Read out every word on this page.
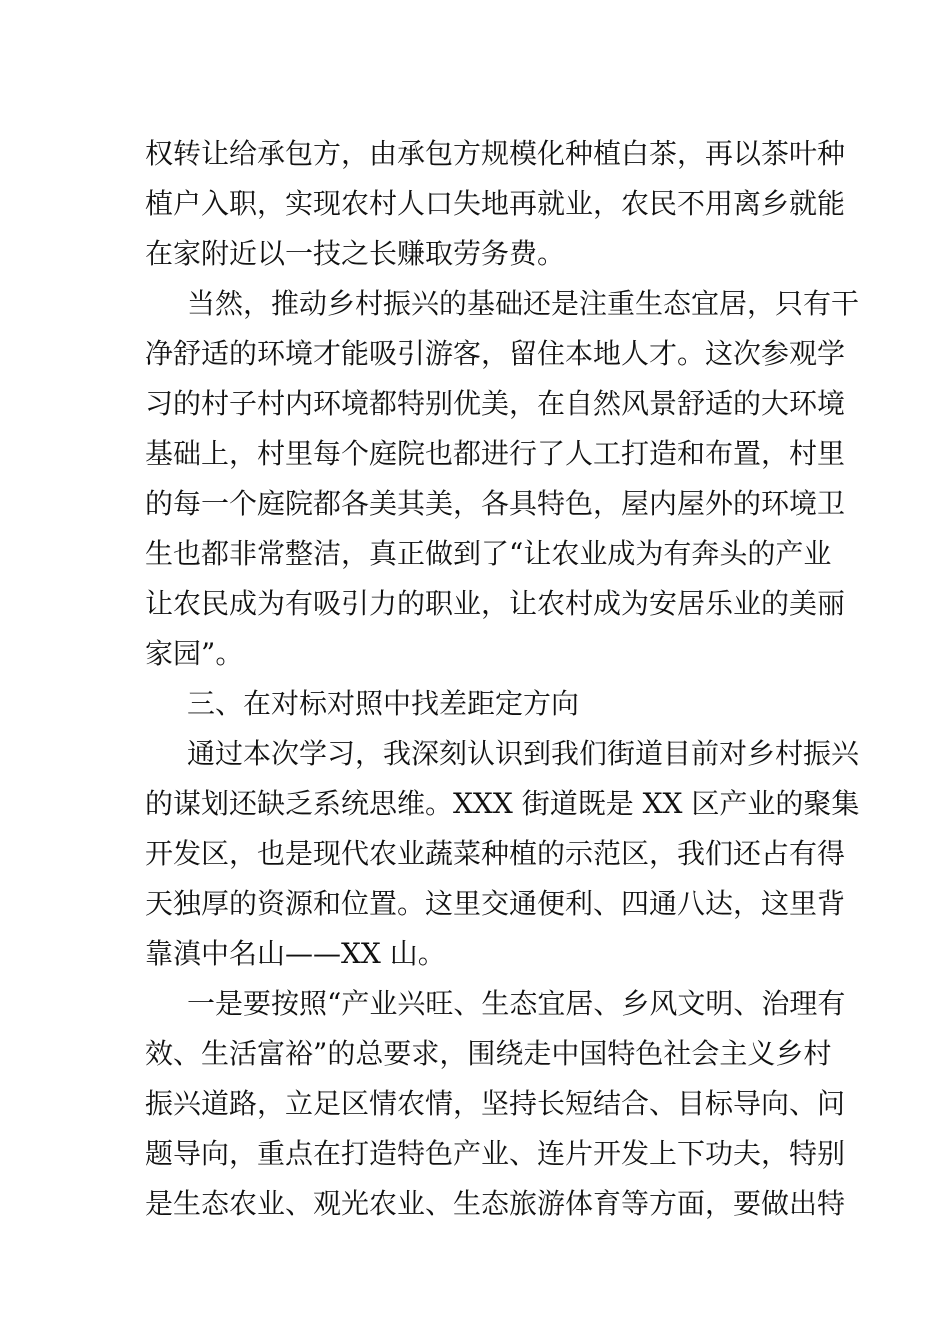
权转让给承包方，由承包方规模化种植白茶，再以茶叶种

植户入职，实现农村人口失地再就业，农民不用离乡就能

在家附近以一技之长赚取劳务费。

当然，推动乡村振兴的基础还是注重生态宜居，只有干

净舒适的环境才能吸引游客，留住本地人才。这次参观学

习的村子村内环境都特别优美，在自然风景舒适的大环境

基础上，村里每个庭院也都进行了人工打造和布置，村里

的每一个庭院都各美其美，各具特色，屋内屋外的环境卫

生也都非常整洁，真正做到了“让农业成为有奔头的产业

让农民成为有吸引力的职业，让农村成为安居乐业的美丽

家园”。

三、在对标对照中找差距定方向

通过本次学习，我深刻认识到我们街道目前对乡村振兴

的谋划还缺乏系统思维。XXX 街道既是 XX 区产业的聚集

开发区，也是现代农业蔬菜种植的示范区，我们还占有得

天独厚的资源和位置。这里交通便利、四通八达，这里背

靠滇中名山——XX 山。

一是要按照“产业兴旺、生态宜居、乡风文明、治理有

效、生活富裕”的总要求，围绕走中国特色社会主义乡村

振兴道路，立足区情农情，坚持长短结合、目标导向、问

题导向，重点在打造特色产业、连片开发上下功夫，特别

是生态农业、观光农业、生态旅游体育等方面，要做出特
